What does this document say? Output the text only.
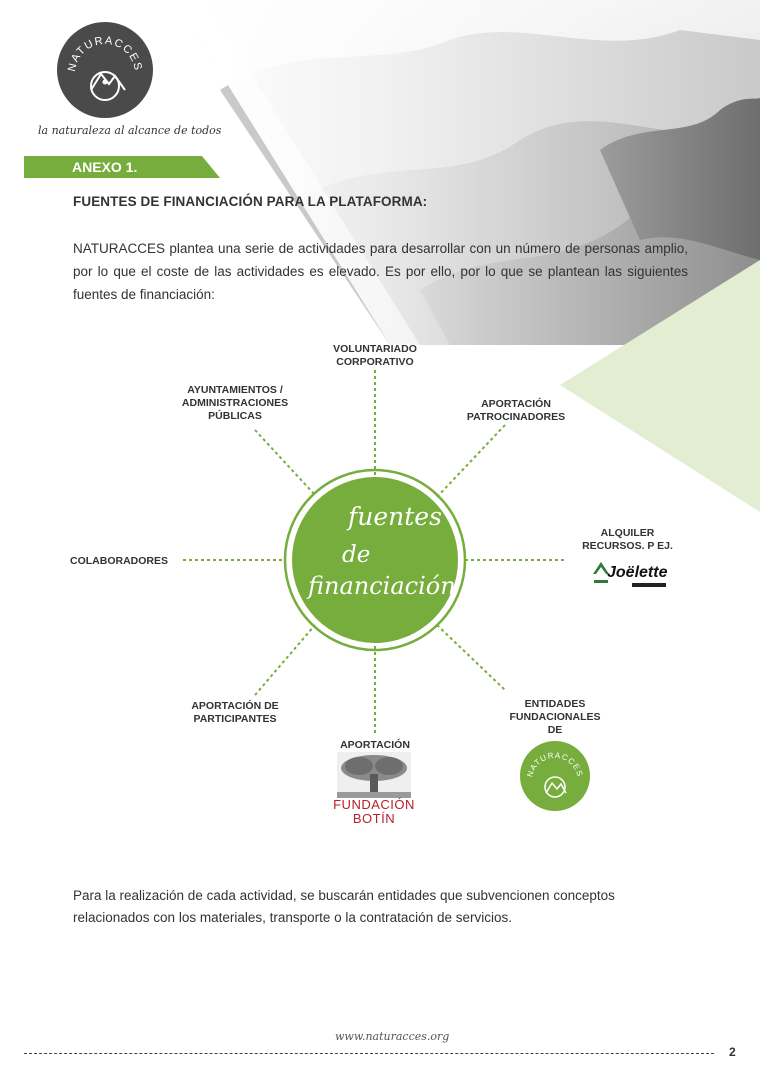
NATURACCES
la naturaleza al alcance de todos
ANEXO 1.
FUENTES DE FINANCIACIÓN PARA LA PLATAFORMA:
NATURACCES plantea una serie de actividades para desarrollar con un número de personas amplio, por lo que el coste de las actividades es elevado. Es por ello, por lo que se plantean las siguientes fuentes de financiación:
fuentes
de
financiación
VOLUNTARIADO
CORPORATIVO
AYUNTAMIENTOS /
ADMINISTRACIONES
PÚBLICAS
APORTACIÓN
PATROCINADORES
COLABORADORES
ALQUILER
RECURSOS. P EJ.
APORTACIÓN DE
PARTICIPANTES
APORTACIÓN
ENTIDADES
FUNDACIONALES
DE
Joëlette
FUNDACIÓN
BOTÍN
NATURACCES
Para la realización de cada actividad, se buscarán entidades que subvencionen conceptos relacionados con los materiales, transporte o la contratación de servicios.
www.naturacces.org
2
